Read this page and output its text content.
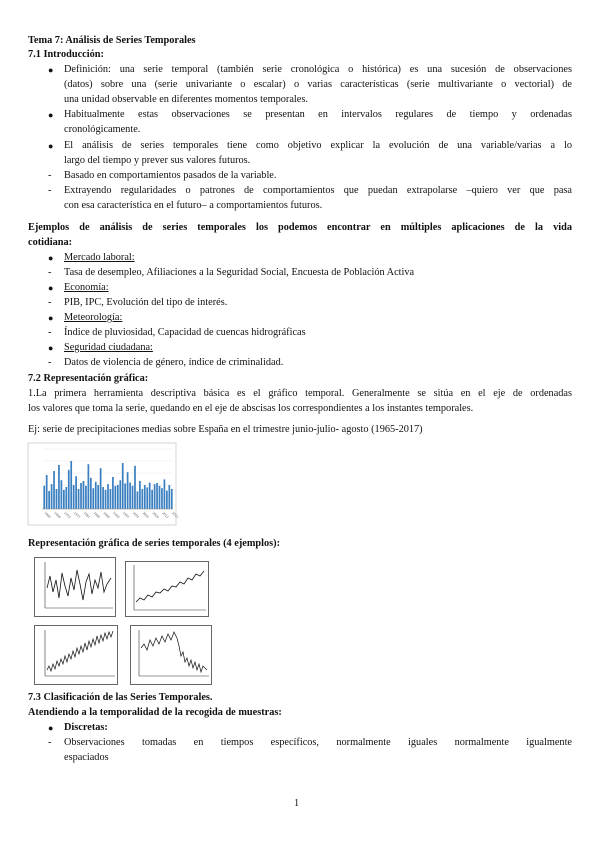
Tema 7: Análisis de Series Temporales
7.1 Introducción:
● Definición: una serie temporal (también serie cronológica o histórica) es una sucesión de observaciones
(datos) sobre una (serie univariante o escalar) o varias características (serie multivariante o vectorial) de
una unidad observable en diferentes momentos temporales.
● Habitualmente estas observaciones se presentan en intervalos regulares de tiempo y ordenadas
cronológicamente.
● El análisis de series temporales tiene como objetivo explicar la evolución de una variable/varias a lo
largo del tiempo y prever sus valores futuros.
- Basado en comportamientos pasados de la variable.
- Extrayendo regularidades o patrones de comportamientos que puedan extrapolarse –quiero ver que pasa
con esa característica en el futuro– a comportamientos futuros.
Ejemplos de análisis de series temporales los podemos encontrar en múltiples aplicaciones de la vida
cotidiana:
● Mercado laboral:
- Tasa de desempleo, Afiliaciones a la Seguridad Social, Encuesta de Población Activa
● Economía:
- PIB, IPC, Evolución del tipo de interés.
● Meteorología:
- Índice de pluviosidad, Capacidad de cuencas hidrográficas
● Seguridad ciudadana:
- Datos de violencia de género, índice de criminalidad.
7.2 Representación gráfica:
1.La primera herramienta descriptiva básica es el gráfico temporal. Generalmente se sitúa en el eje de ordenadas
los valores que toma la serie, quedando en el eje de abscisas los correspondientes a los instantes temporales.
Ej: serie de precipitaciones medias sobre España en el trimestre junio-julio- agosto (1965-2017)
1965 1969 1973 1977 1981 1985 1989 1993 1997 2001 2005 2009 2013 2017
Representación gráfica de series temporales (4 ejemplos):
7.3 Clasificación de las Series Temporales.
Atendiendo a la temporalidad de la recogida de muestras:
● Discretas:
- Observaciones tomadas en tiempos específicos, normalmente iguales normalmente igualmente
espaciados
1
